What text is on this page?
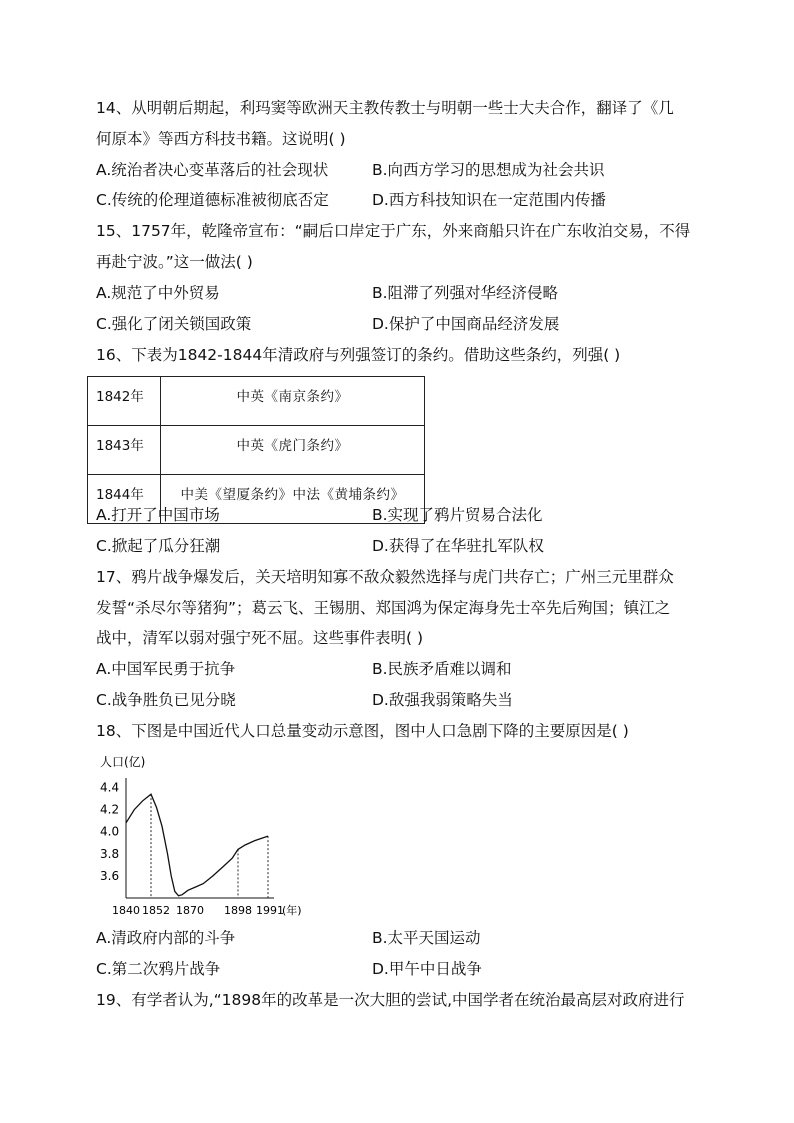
14、从明朝后期起，利玛窦等欧洲天主教传教士与明朝一些士大夫合作，翻译了《几
何原本》等西方科技书籍。这说明( )
A.统治者决心变革落后的社会现状	B.向西方学习的思想成为社会共识
C.传统的伦理道德标准被彻底否定	D.西方科技知识在一定范围内传播
15、1757年，乾隆帝宣布：“嗣后口岸定于广东，外来商船只许在广东收泊交易，不得
再赴宁波。”这一做法( )
A.规范了中外贸易	B.阻滞了列强对华经济侵略
C.强化了闭关锁国政策	D.保护了中国商品经济发展
16、下表为1842-1844年清政府与列强签订的条约。借助这些条约，列强( )
1842年	中英《南京条约》
1843年	中英《虎门条约》
1844年	中美《望厦条约》中法《黄埔条约》
A.打开了中国市场	B.实现了鸦片贸易合法化
C.掀起了瓜分狂潮	D.获得了在华驻扎军队权
17、鸦片战争爆发后，关天培明知寡不敌众毅然选择与虎门共存亡；广州三元里群众
发誓“杀尽尔等猪狗”；葛云飞、王锡朋、郑国鸿为保定海身先士卒先后殉国；镇江之
战中，清军以弱对强宁死不屈。这些事件表明( )
A.中国军民勇于抗争	B.民族矛盾难以调和
C.战争胜负已见分晓	D.敌强我弱策略失当
18、下图是中国近代人口总量变动示意图，图中人口急剧下降的主要原因是( )
人口(亿)
4.4
4.2
4.0
3.8
3.6
1840 1852 1870 1898 1991
(年)
A.清政府内部的斗争	B.太平天国运动
C.第二次鸦片战争	D.甲午中日战争
19、有学者认为,“1898年的改革是一次大胆的尝试,中国学者在统治最高层对政府进行
